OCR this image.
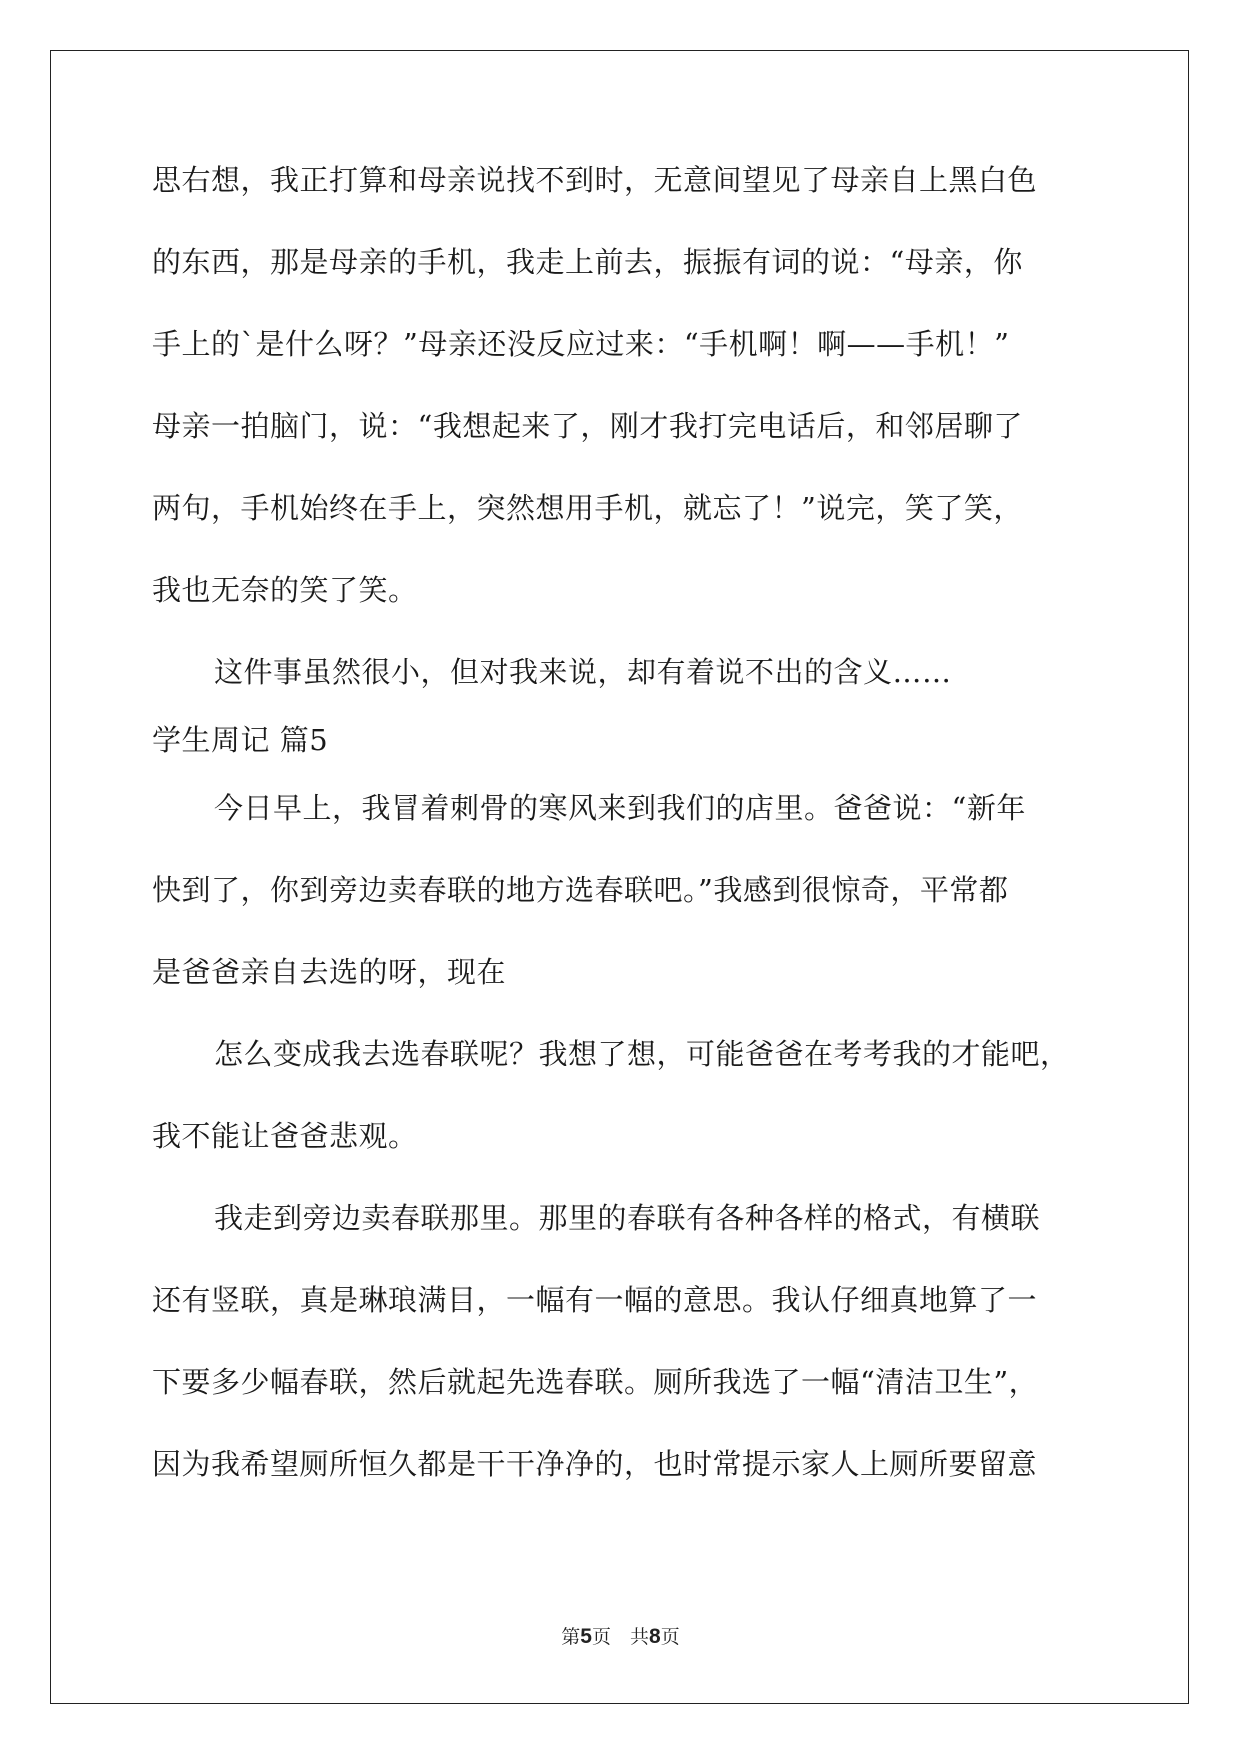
思右想，我正打算和母亲说找不到时，无意间望见了母亲自上黑白色
的东西，那是母亲的手机，我走上前去，振振有词的说：“母亲，你
手上的`是什么呀？”母亲还没反应过来：“手机啊！啊——手机！”
母亲一拍脑门，说：“我想起来了，刚才我打完电话后，和邻居聊了
两句，手机始终在手上，突然想用手机，就忘了！”说完，笑了笑，
我也无奈的笑了笑。
这件事虽然很小，但对我来说，却有着说不出的含义……
学生周记 篇5
今日早上，我冒着刺骨的寒风来到我们的店里。爸爸说：“新年
快到了，你到旁边卖春联的地方选春联吧。”我感到很惊奇，平常都
是爸爸亲自去选的呀，现在
怎么变成我去选春联呢？我想了想，可能爸爸在考考我的才能吧，
我不能让爸爸悲观。
我走到旁边卖春联那里。那里的春联有各种各样的格式，有横联
还有竖联，真是琳琅满目，一幅有一幅的意思。我认仔细真地算了一
下要多少幅春联，然后就起先选春联。厕所我选了一幅“清洁卫生”，
因为我希望厕所恒久都是干干净净的，也时常提示家人上厕所要留意
第5页　共8页
